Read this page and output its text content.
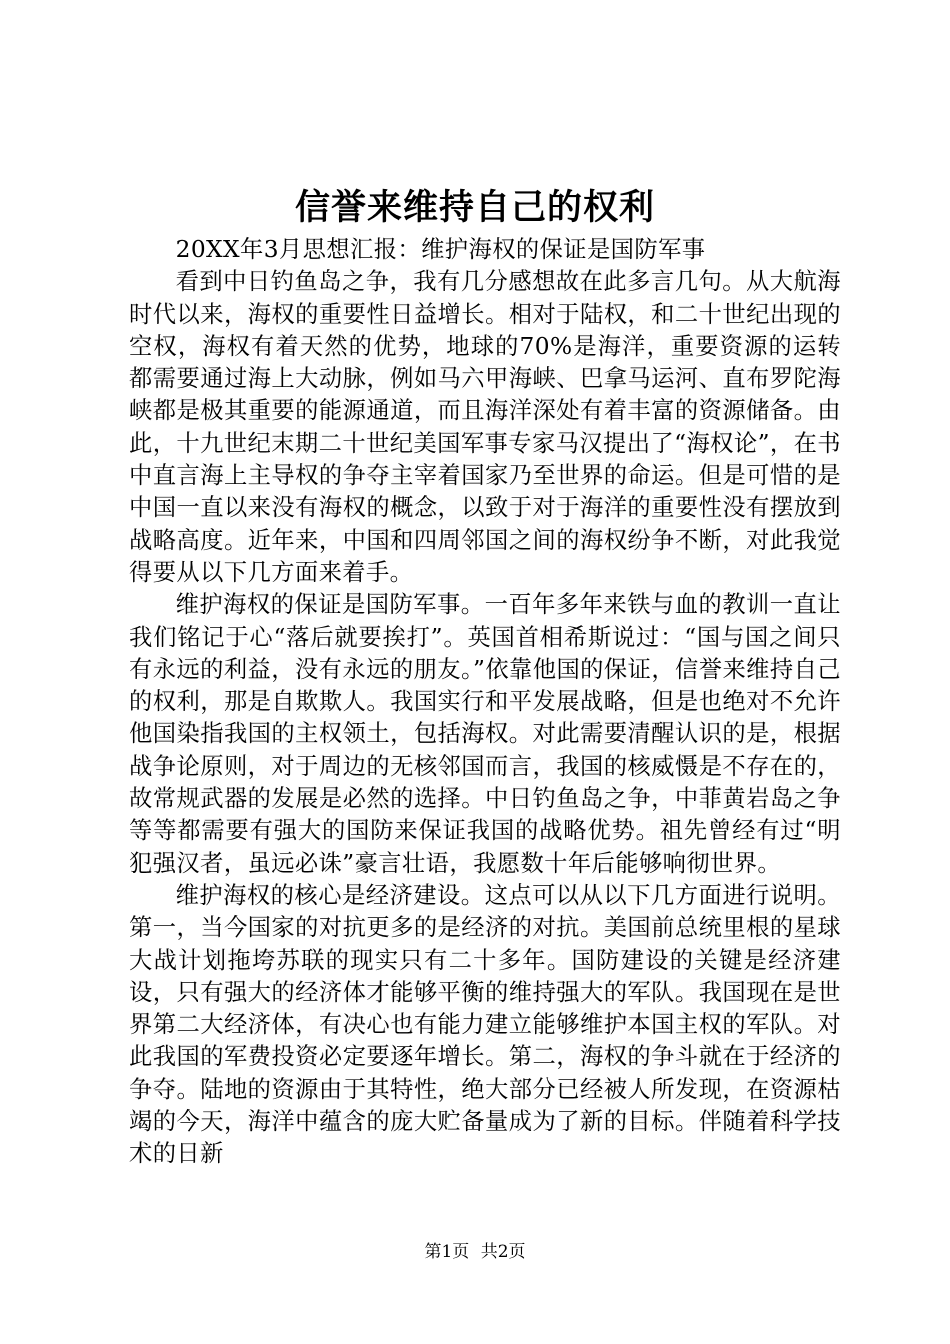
信誉来维持自己的权利

20XX年3月思想汇报：维护海权的保证是国防军事

看到中日钓鱼岛之争，我有几分感想故在此多言几句。从大航海时代以来，海权的重要性日益增长。相对于陆权，和二十世纪出现的空权，海权有着天然的优势，地球的70%是海洋，重要资源的运转都需要通过海上大动脉，例如马六甲海峡、巴拿马运河、直布罗陀海峡都是极其重要的能源通道，而且海洋深处有着丰富的资源储备。由此，十九世纪末期二十世纪美国军事专家马汉提出了“海权论”，在书中直言海上主导权的争夺主宰着国家乃至世界的命运。但是可惜的是中国一直以来没有海权的概念，以致于对于海洋的重要性没有摆放到战略高度。近年来，中国和四周邻国之间的海权纷争不断，对此我觉得要从以下几方面来着手。

维护海权的保证是国防军事。一百年多年来铁与血的教训一直让我们铭记于心“落后就要挨打”。英国首相希斯说过：“国与国之间只有永远的利益，没有永远的朋友。”依靠他国的保证，信誉来维持自己的权利，那是自欺欺人。我国实行和平发展战略，但是也绝对不允许他国染指我国的主权领土，包括海权。对此需要清醒认识的是，根据战争论原则，对于周边的无核邻国而言，我国的核威慑是不存在的，故常规武器的发展是必然的选择。中日钓鱼岛之争，中菲黄岩岛之争等等都需要有强大的国防来保证我国的战略优势。祖先曾经有过“明犯强汉者，虽远必诛”豪言壮语，我愿数十年后能够响彻世界。

维护海权的核心是经济建设。这点可以从以下几方面进行说明。第一，当今国家的对抗更多的是经济的对抗。美国前总统里根的星球大战计划拖垮苏联的现实只有二十多年。国防建设的关键是经济建设，只有强大的经济体才能够平衡的维持强大的军队。我国现在是世界第二大经济体，有决心也有能力建立能够维护本国主权的军队。对此我国的军费投资必定要逐年增长。第二，海权的争斗就在于经济的争夺。陆地的资源由于其特性，绝大部分已经被人所发现，在资源枯竭的今天，海洋中蕴含的庞大贮备量成为了新的目标。伴随着科学技术的日新

第1页 共2页
